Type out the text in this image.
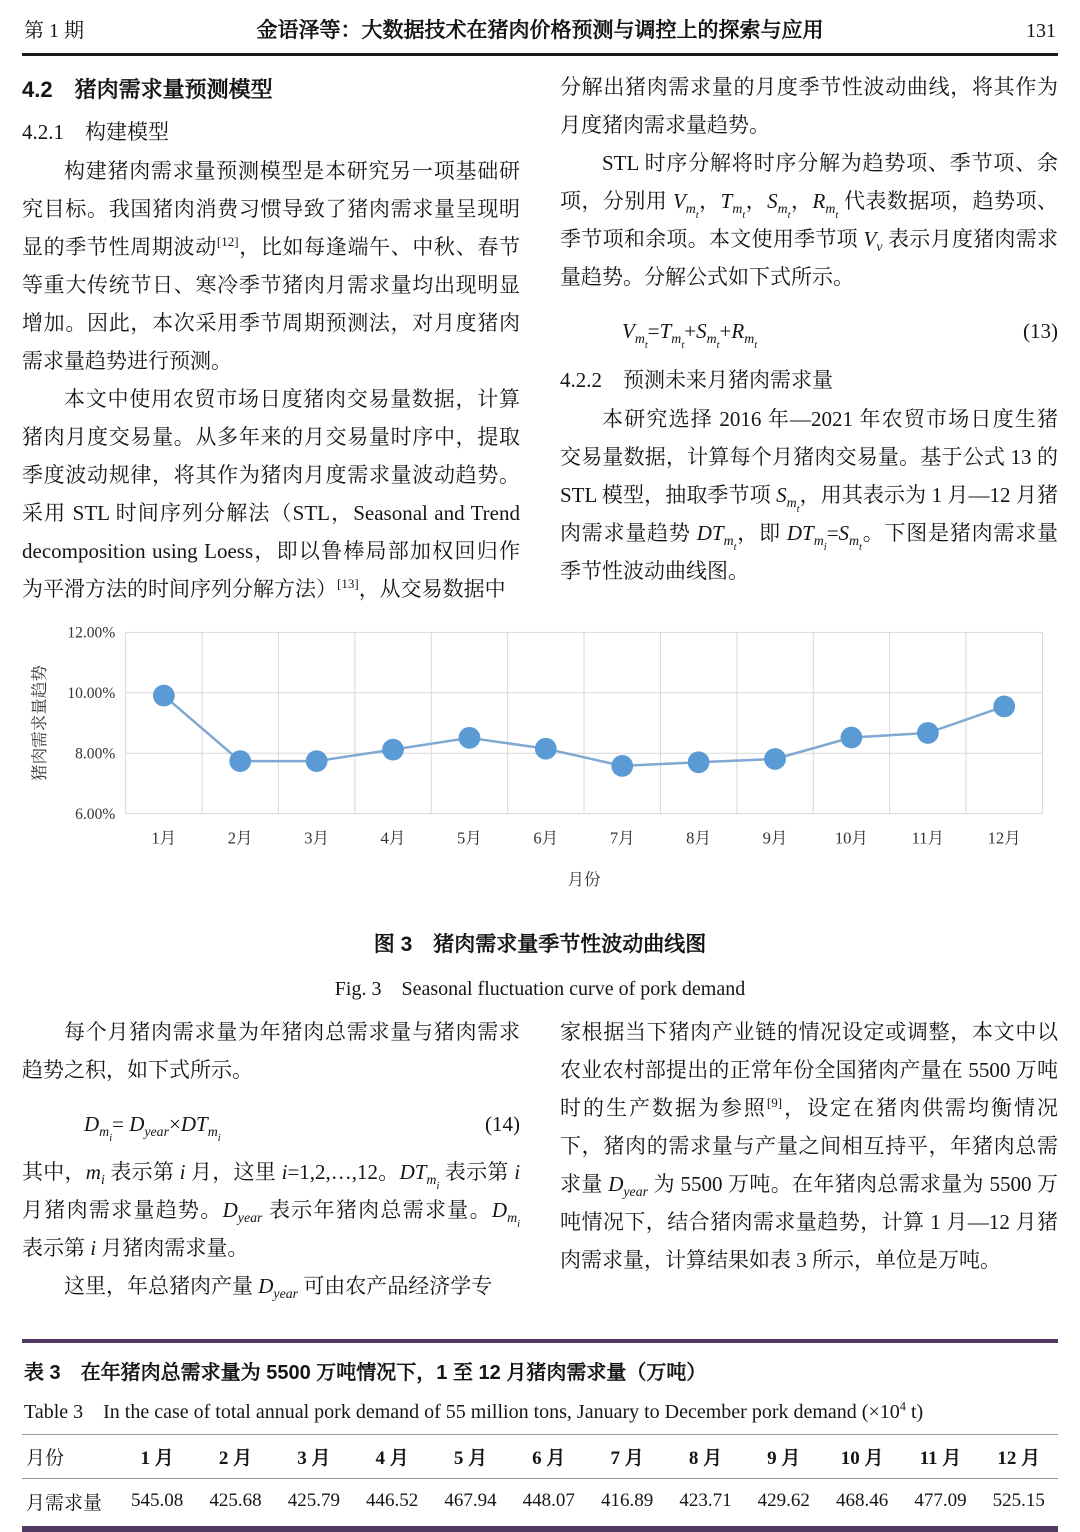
第 1 期	金语泽等：大数据技术在猪肉价格预测与调控上的探索与应用	131
4.2　猪肉需求量预测模型
4.2.1　构建模型

构建猪肉需求量预测模型是本研究另一项基础研究目标。我国猪肉消费习惯导致了猪肉需求量呈现明显的季节性周期波动[12]，比如每逢端午、中秋、春节等重大传统节日、寒冷季节猪肉月需求量均出现明显增加。因此，本次采用季节周期预测法，对月度猪肉需求量趋势进行预测。

本文中使用农贸市场日度猪肉交易量数据，计算猪肉月度交易量。从多年来的月交易量时序中，提取季度波动规律，将其作为猪肉月度需求量波动趋势。采用 STL 时间序列分解法（STL，Seasonal and Trend decomposition using Loess，即以鲁棒局部加权回归作为平滑方法的时间序列分解方法）[13]，从交易数据中

分解出猪肉需求量的月度季节性波动曲线，将其作为月度猪肉需求量趋势。

STL 时序分解将时序分解为趋势项、季节项、余项，分别用 $V_{mt}$，$T_{mt}$，$S_{mt}$，$R_{mt}$ 代表数据项，趋势项、季节项和余项。本文使用季节项 $V_v$ 表示月度猪肉需求量趋势。分解公式如下式所示。

$V_{mt}=T_{mt}+S_{mt}+R_{mt}$
(13)
4.2.2　预测未来月猪肉需求量

本研究选择 2016 年—2021 年农贸市场日度生猪交易量数据，计算每个月猪肉交易量。基于公式 13 的 STL 模型，抽取季节项 $S_{mt}$，用其表示为 1 月—12 月猪肉需求量趋势 $DT_{mt}$，即 $DT_{mi}=S_{mt}$。下图是猪肉需求量季节性波动曲线图。

6.00%
8.00%
10.00%
12.00%
1月	2月	3月	4月	5月	6月	7月	8月	9月	10月	11月	12月
月份
猪肉需求量趋势
图 3　猪肉需求量季节性波动曲线图
Fig. 3　Seasonal fluctuation curve of pork demand

每个月猪肉需求量为年猪肉总需求量与猪肉需求趋势之积，如下式所示。

$D_{mi}= D_{year}\times DT_{mi}$
(14)

其中，$m_i$ 表示第 i 月，这里 i=1,2,…,12。$DT_{mi}$ 表示第 i 月猪肉需求量趋势。$D_{year}$ 表示年猪肉总需求量。$D_{mi}$ 表示第 i 月猪肉需求量。

这里，年总猪肉产量 $D_{year}$ 可由农产品经济学专

家根据当下猪肉产业链的情况设定或调整，本文中以农业农村部提出的正常年份全国猪肉产量在 5500 万吨时的生产数据为参照[9]，设定在猪肉供需均衡情况下，猪肉的需求量与产量之间相互持平，年猪肉总需求量 $D_{year}$ 为 5500 万吨。在年猪肉总需求量为 5500 万吨情况下，结合猪肉需求量趋势，计算 1 月—12 月猪肉需求量，计算结果如表 3 所示，单位是万吨。

表 3　在年猪肉总需求量为 5500 万吨情况下，1 至 12 月猪肉需求量（万吨）
Table 3　In the case of total annual pork demand of 55 million tons, January to December pork demand ($\times 10^4$ t)
月份	1 月	2 月	3 月	4 月	5 月	6 月	7 月	8 月	9 月	10 月	11 月	12 月
月需求量	545.08	425.68	425.79	446.52	467.94	448.07	416.89	423.71	429.62	468.46	477.09	525.15
